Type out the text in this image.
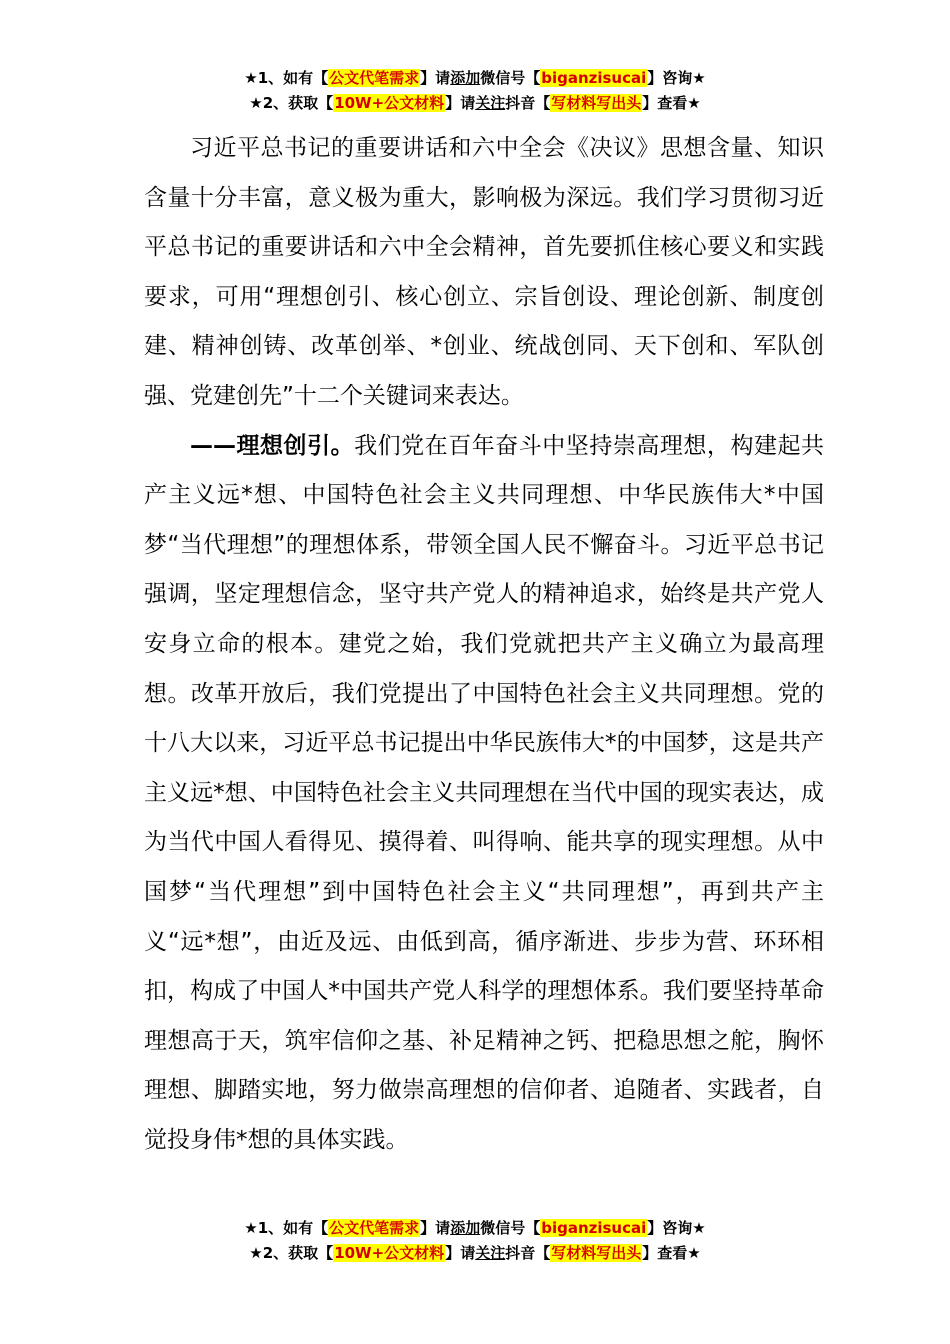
★1、如有【公文代笔需求】请添加微信号【biganzisucai】咨询★
★2、获取【10W+公文材料】请关注抖音【写材料写出头】查看★

习近平总书记的重要讲话和六中全会《决议》思想含量、知识含量十分丰富，意义极为重大，影响极为深远。我们学习贯彻习近平总书记的重要讲话和六中全会精神，首先要抓住核心要义和实践要求，可用“理想创引、核心创立、宗旨创设、理论创新、制度创建、精神创铸、改革创举、*创业、统战创同、天下创和、军队创强、党建创先”十二个关键词来表达。

——理想创引。我们党在百年奋斗中坚持崇高理想，构建起共产主义远*想、中国特色社会主义共同理想、中华民族伟大*中国梦“当代理想”的理想体系，带领全国人民不懈奋斗。习近平总书记强调，坚定理想信念，坚守共产党人的精神追求，始终是共产党人安身立命的根本。建党之始，我们党就把共产主义确立为最高理想。改革开放后，我们党提出了中国特色社会主义共同理想。党的十八大以来，习近平总书记提出中华民族伟大*的中国梦，这是共产主义远*想、中国特色社会主义共同理想在当代中国的现实表达，成为当代中国人看得见、摸得着、叫得响、能共享的现实理想。从中国梦“当代理想”到中国特色社会主义“共同理想”，再到共产主义“远*想”，由近及远、由低到高，循序渐进、步步为营、环环相扣，构成了中国人*中国共产党人科学的理想体系。我们要坚持革命理想高于天，筑牢信仰之基、补足精神之钙、把稳思想之舵，胸怀理想、脚踏实地，努力做崇高理想的信仰者、追随者、实践者，自觉投身伟*想的具体实践。

★1、如有【公文代笔需求】请添加微信号【biganzisucai】咨询★
★2、获取【10W+公文材料】请关注抖音【写材料写出头】查看★
